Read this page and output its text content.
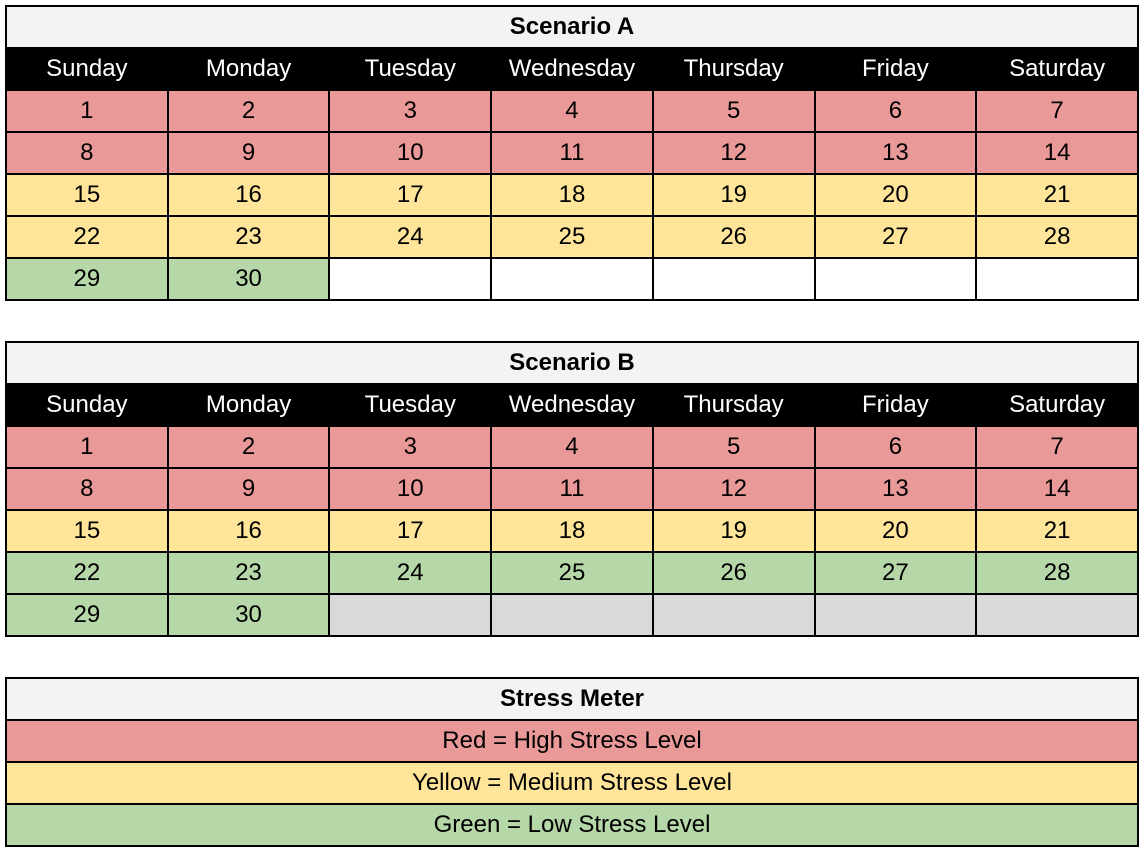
Scenario A						
Sunday	Monday	Tuesday	Wednesday	Thursday	Friday	Saturday
1	2	3	4	5	6	7
8	9	10	11	12	13	14
15	16	17	18	19	20	21
22	23	24	25	26	27	28
29	30					
Scenario B						
Sunday	Monday	Tuesday	Wednesday	Thursday	Friday	Saturday
1	2	3	4	5	6	7
8	9	10	11	12	13	14
15	16	17	18	19	20	21
22	23	24	25	26	27	28
29	30					
Stress Meter
Red = High Stress Level
Yellow = Medium Stress Level
Green = Low Stress Level
